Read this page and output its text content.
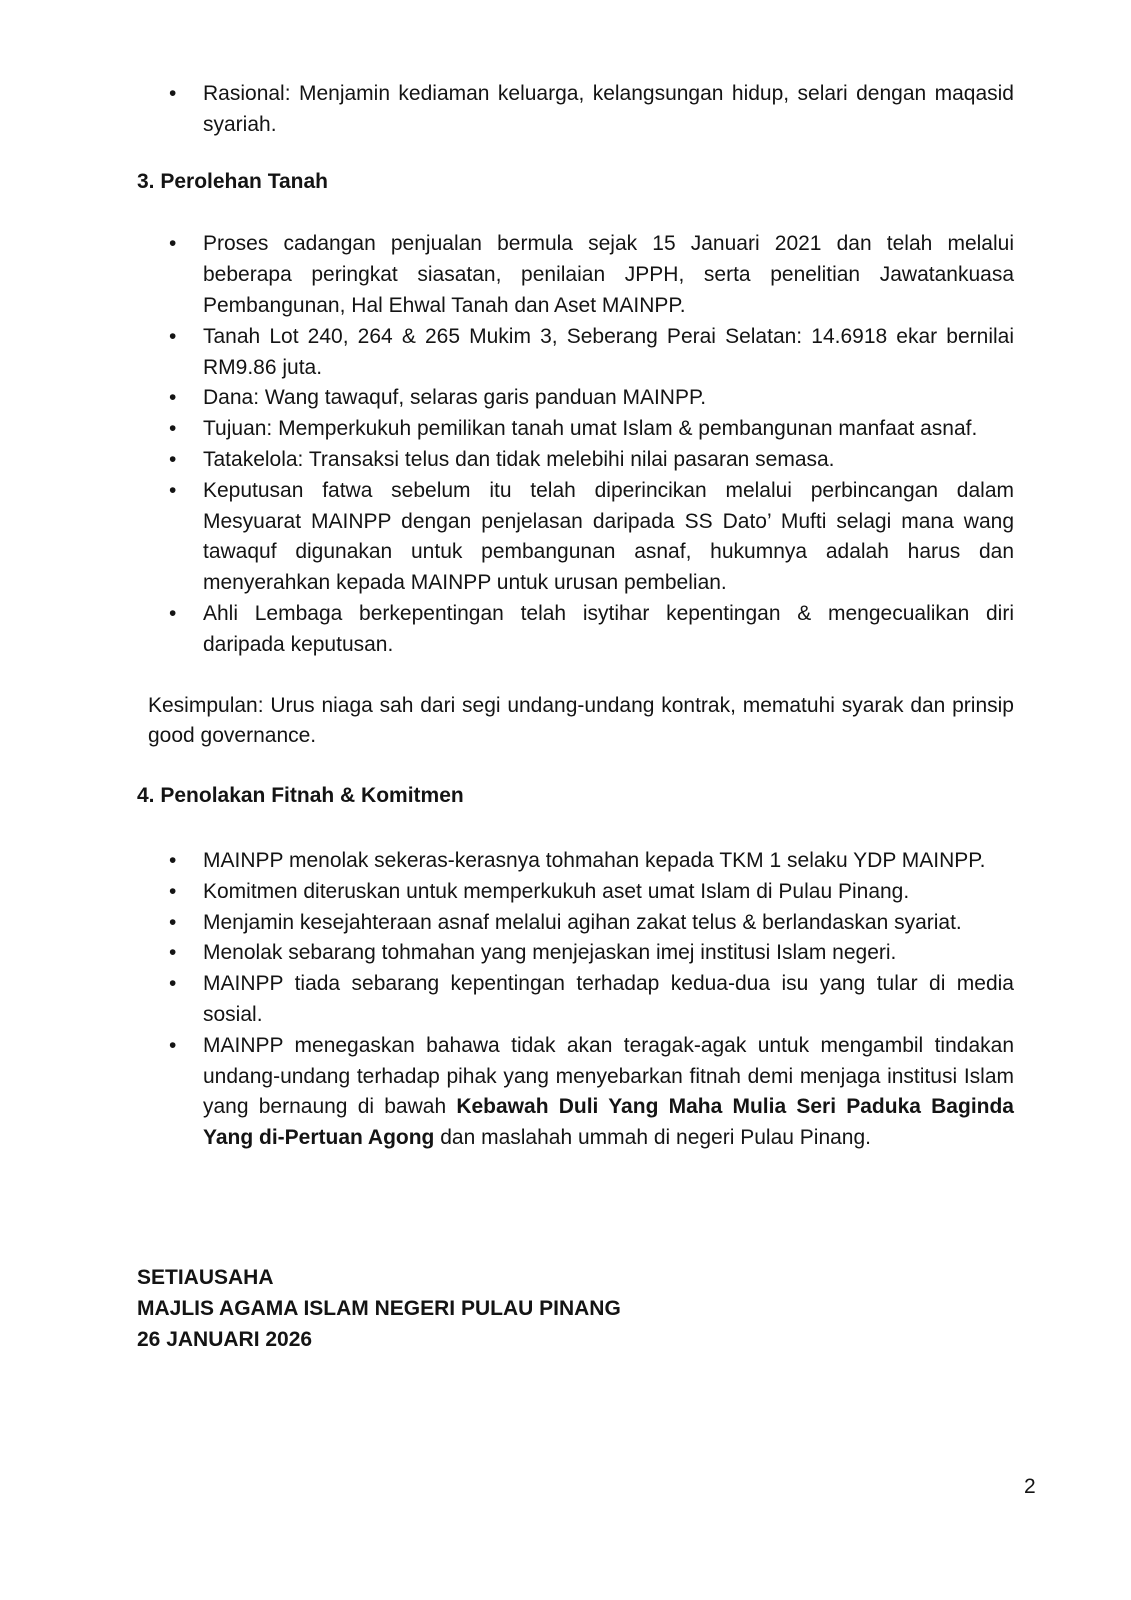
• Rasional: Menjamin kediaman keluarga, kelangsungan hidup, selari dengan maqasid syariah.

3. Perolehan Tanah

• Proses cadangan penjualan bermula sejak 15 Januari 2021 dan telah melalui beberapa peringkat siasatan, penilaian JPPH, serta penelitian Jawatankuasa Pembangunan, Hal Ehwal Tanah dan Aset MAINPP.
• Tanah Lot 240, 264 & 265 Mukim 3, Seberang Perai Selatan: 14.6918 ekar bernilai RM9.86 juta.
• Dana: Wang tawaquf, selaras garis panduan MAINPP.
• Tujuan: Memperkukuh pemilikan tanah umat Islam & pembangunan manfaat asnaf.
• Tatakelola: Transaksi telus dan tidak melebihi nilai pasaran semasa.
• Keputusan fatwa sebelum itu telah diperincikan melalui perbincangan dalam Mesyuarat MAINPP dengan penjelasan daripada SS Dato’ Mufti selagi mana wang tawaquf digunakan untuk pembangunan asnaf, hukumnya adalah harus dan menyerahkan kepada MAINPP untuk urusan pembelian.
• Ahli Lembaga berkepentingan telah isytihar kepentingan & mengecualikan diri daripada keputusan.

Kesimpulan: Urus niaga sah dari segi undang-undang kontrak, mematuhi syarak dan prinsip good governance.

4. Penolakan Fitnah & Komitmen

• MAINPP menolak sekeras-kerasnya tohmahan kepada TKM 1 selaku YDP MAINPP.
• Komitmen diteruskan untuk memperkukuh aset umat Islam di Pulau Pinang.
• Menjamin kesejahteraan asnaf melalui agihan zakat telus & berlandaskan syariat.
• Menolak sebarang tohmahan yang menjejaskan imej institusi Islam negeri.
• MAINPP tiada sebarang kepentingan terhadap kedua-dua isu yang tular di media sosial.
• MAINPP menegaskan bahawa tidak akan teragak-agak untuk mengambil tindakan undang-undang terhadap pihak yang menyebarkan fitnah demi menjaga institusi Islam yang bernaung di bawah Kebawah Duli Yang Maha Mulia Seri Paduka Baginda Yang di-Pertuan Agong dan maslahah ummah di negeri Pulau Pinang.
SETIAUSAHA
MAJLIS AGAMA ISLAM NEGERI PULAU PINANG
26 JANUARI 2026
2
